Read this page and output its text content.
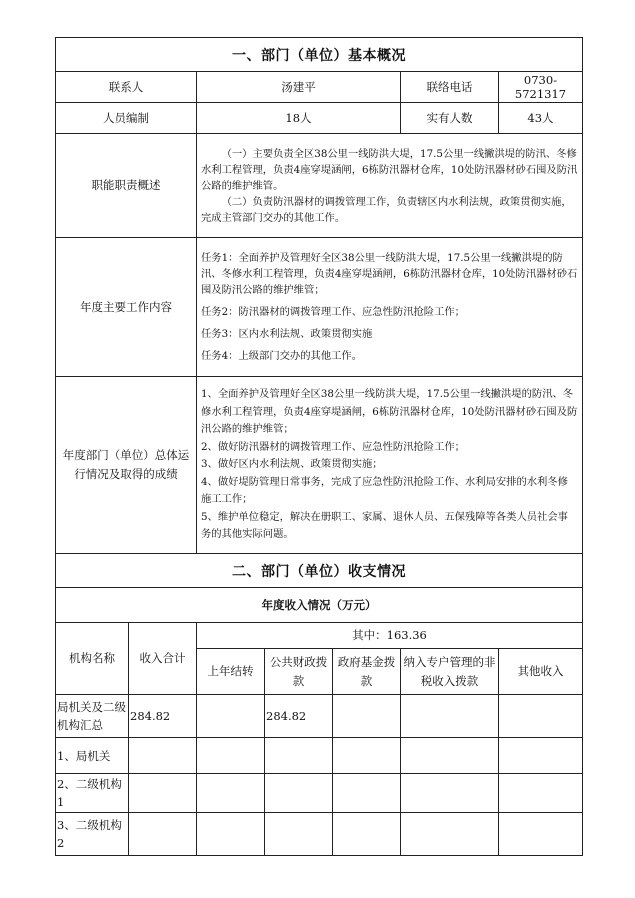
一、部门（单位）基本概况						
联系人		汤建平			联络电话	0730-5721317
人员编制		18人			实有人数	43人
职能职责概述		（一）主要负责全区38公里一线防洪大堤，17.5公里一线撇洪堤的防汛、冬修水利工程管理，负责4座穿堤涵闸，6栋防汛器材仓库，10处防汛器材砂石囤及防汛公路的维护维管。

（二）负责防汛器材的调拨管理工作，负责辖区内水利法规，政策贯彻实施，完成主管部门交办的其他工作。				

年度主要工作内容		任务1：全面养护及管理好全区38公里一线防洪大堤，17.5公里一线撇洪堤的防汛、冬修水利工程管理，负责4座穿堤涵闸，6栋防汛器材仓库，10处防汛器材砂石囤及防汛公路的维护维管；

任务2：防汛器材的调拨管理工作、应急性防汛抢险工作；

任务3：区内水利法规、政策贯彻实施

任务4：上级部门交办的其他工作。				

年度部门（单位）总体运行情况及取得的成绩		1、全面养护及管理好全区38公里一线防洪大堤，17.5公里一线撇洪堤的防汛、冬修水利工程管理，负责4座穿堤涵闸，6栋防汛器材仓库，10处防汛器材砂石囤及防汛公路的维护维管；

2、做好防汛器材的调拨管理工作、应急性防汛抢险工作；

3、做好区内水利法规、政策贯彻实施；

4、做好堤防管理日常事务，完成了应急性防汛抢险工作、水利局安排的水利冬修施工工作；

5、维护单位稳定，解决在册职工、家属、退休人员、五保残障等各类人员社会事务的其他实际问题。				

二、部门（单位）收支情况						
年度收入情况（万元）						
机构名称	收入合计	其中：163.36				
		上年结转	公共财政拨款	政府基金拨款	纳入专户管理的非税收入拨款	其他收入
局机关及二级机构汇总	284.82		284.82			
1、局机关						
2、二级机构1						
3、二级机构2						
